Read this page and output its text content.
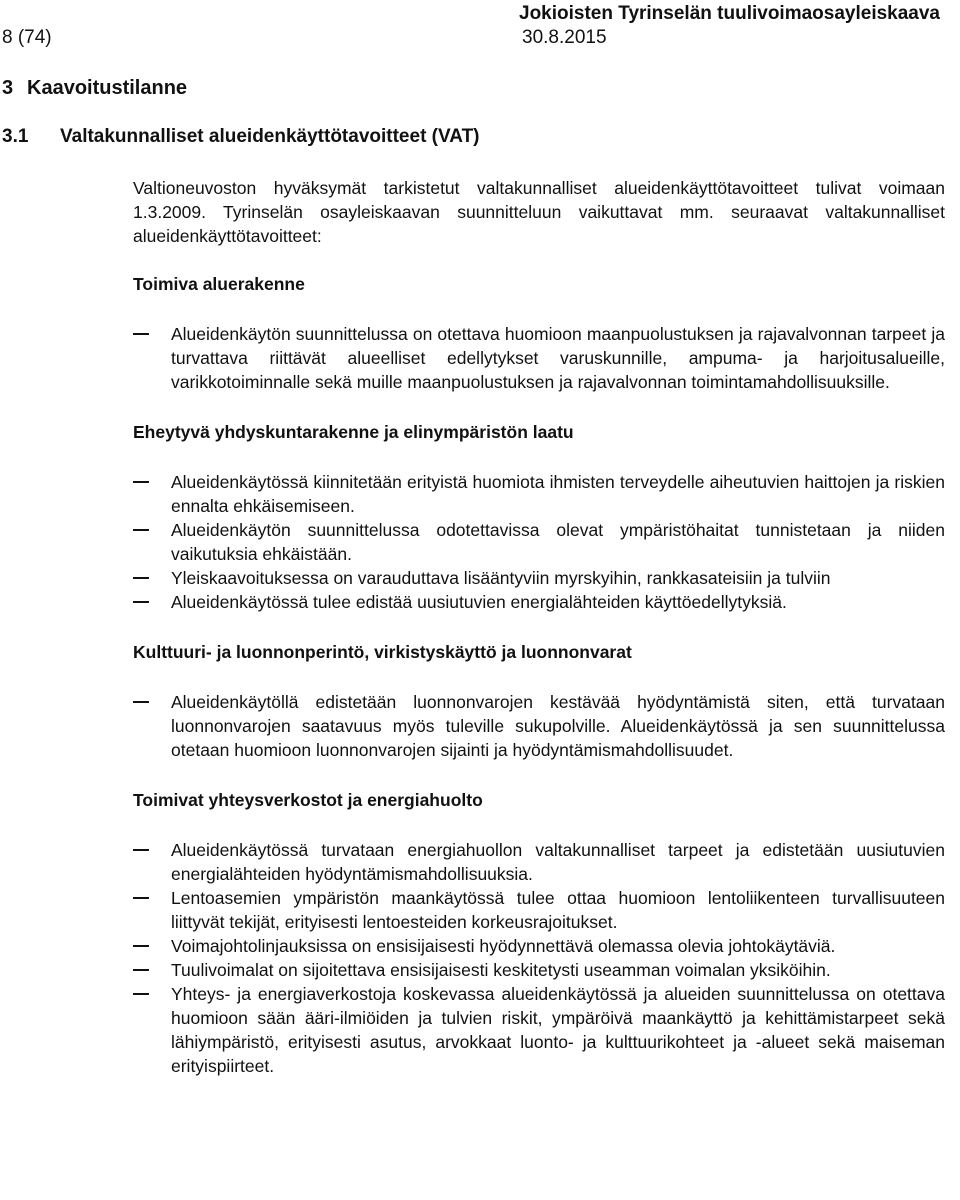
Jokioisten Tyrinselän tuulivoimaosayleiskaava
8 (74)	30.8.2015
3 Kaavoitustilanne
3.1 Valtakunnalliset alueidenkäyttötavoitteet (VAT)

Valtioneuvoston hyväksymät tarkistetut valtakunnalliset alueidenkäyttötavoitteet tulivat voimaan 1.3.2009. Tyrinselän osayleiskaavan suunnitteluun vaikuttavat mm. seuraavat valtakunnalliset alueidenkäyttötavoitteet:

Toimiva aluerakenne
Alueidenkäytön suunnittelussa on otettava huomioon maanpuolustuksen ja rajavalvonnan tarpeet ja turvattava riittävät alueelliset edellytykset varuskunnille, ampuma- ja harjoitusalueille, varikkotoiminnalle sekä muille maanpuolustuksen ja rajavalvonnan toimintamahdollisuuksille.
Eheytyvä yhdyskuntarakenne ja elinympäristön laatu
Alueidenkäytössä kiinnitetään erityistä huomiota ihmisten terveydelle aiheutuvien haittojen ja riskien ennalta ehkäisemiseen.
Alueidenkäytön suunnittelussa odotettavissa olevat ympäristöhaitat tunnistetaan ja niiden vaikutuksia ehkäistään.
Yleiskaavoituksessa on varauduttava lisääntyviin myrskyihin, rankkasateisiin ja tulviin
Alueidenkäytössä tulee edistää uusiutuvien energialähteiden käyttöedellytyksiä.
Kulttuuri- ja luonnonperintö, virkistyskäyttö ja luonnonvarat
Alueidenkäytöllä edistetään luonnonvarojen kestävää hyödyntämistä siten, että turvataan luonnonvarojen saatavuus myös tuleville sukupolville. Alueidenkäytössä ja sen suunnittelussa otetaan huomioon luonnonvarojen sijainti ja hyödyntämismahdollisuudet.
Toimivat yhteysverkostot ja energiahuolto
Alueidenkäytössä turvataan energiahuollon valtakunnalliset tarpeet ja edistetään uusiutuvien energialähteiden hyödyntämismahdollisuuksia.
Lentoasemien ympäristön maankäytössä tulee ottaa huomioon lentoliikenteen turvallisuuteen liittyvät tekijät, erityisesti lentoesteiden korkeusrajoitukset.
Voimajohtolinjauksissa on ensisijaisesti hyödynnettävä olemassa olevia johtokäytäviä.
Tuulivoimalat on sijoitettava ensisijaisesti keskitetysti useamman voimalan yksiköihin.
Yhteys- ja energiaverkostoja koskevassa alueidenkäytössä ja alueiden suunnittelussa on otettava huomioon sään ääri-ilmiöiden ja tulvien riskit, ympäröivä maankäyttö ja kehittämistarpeet sekä lähiympäristö, erityisesti asutus, arvokkaat luonto- ja kulttuurikohteet ja -alueet sekä maiseman erityispiirteet.
